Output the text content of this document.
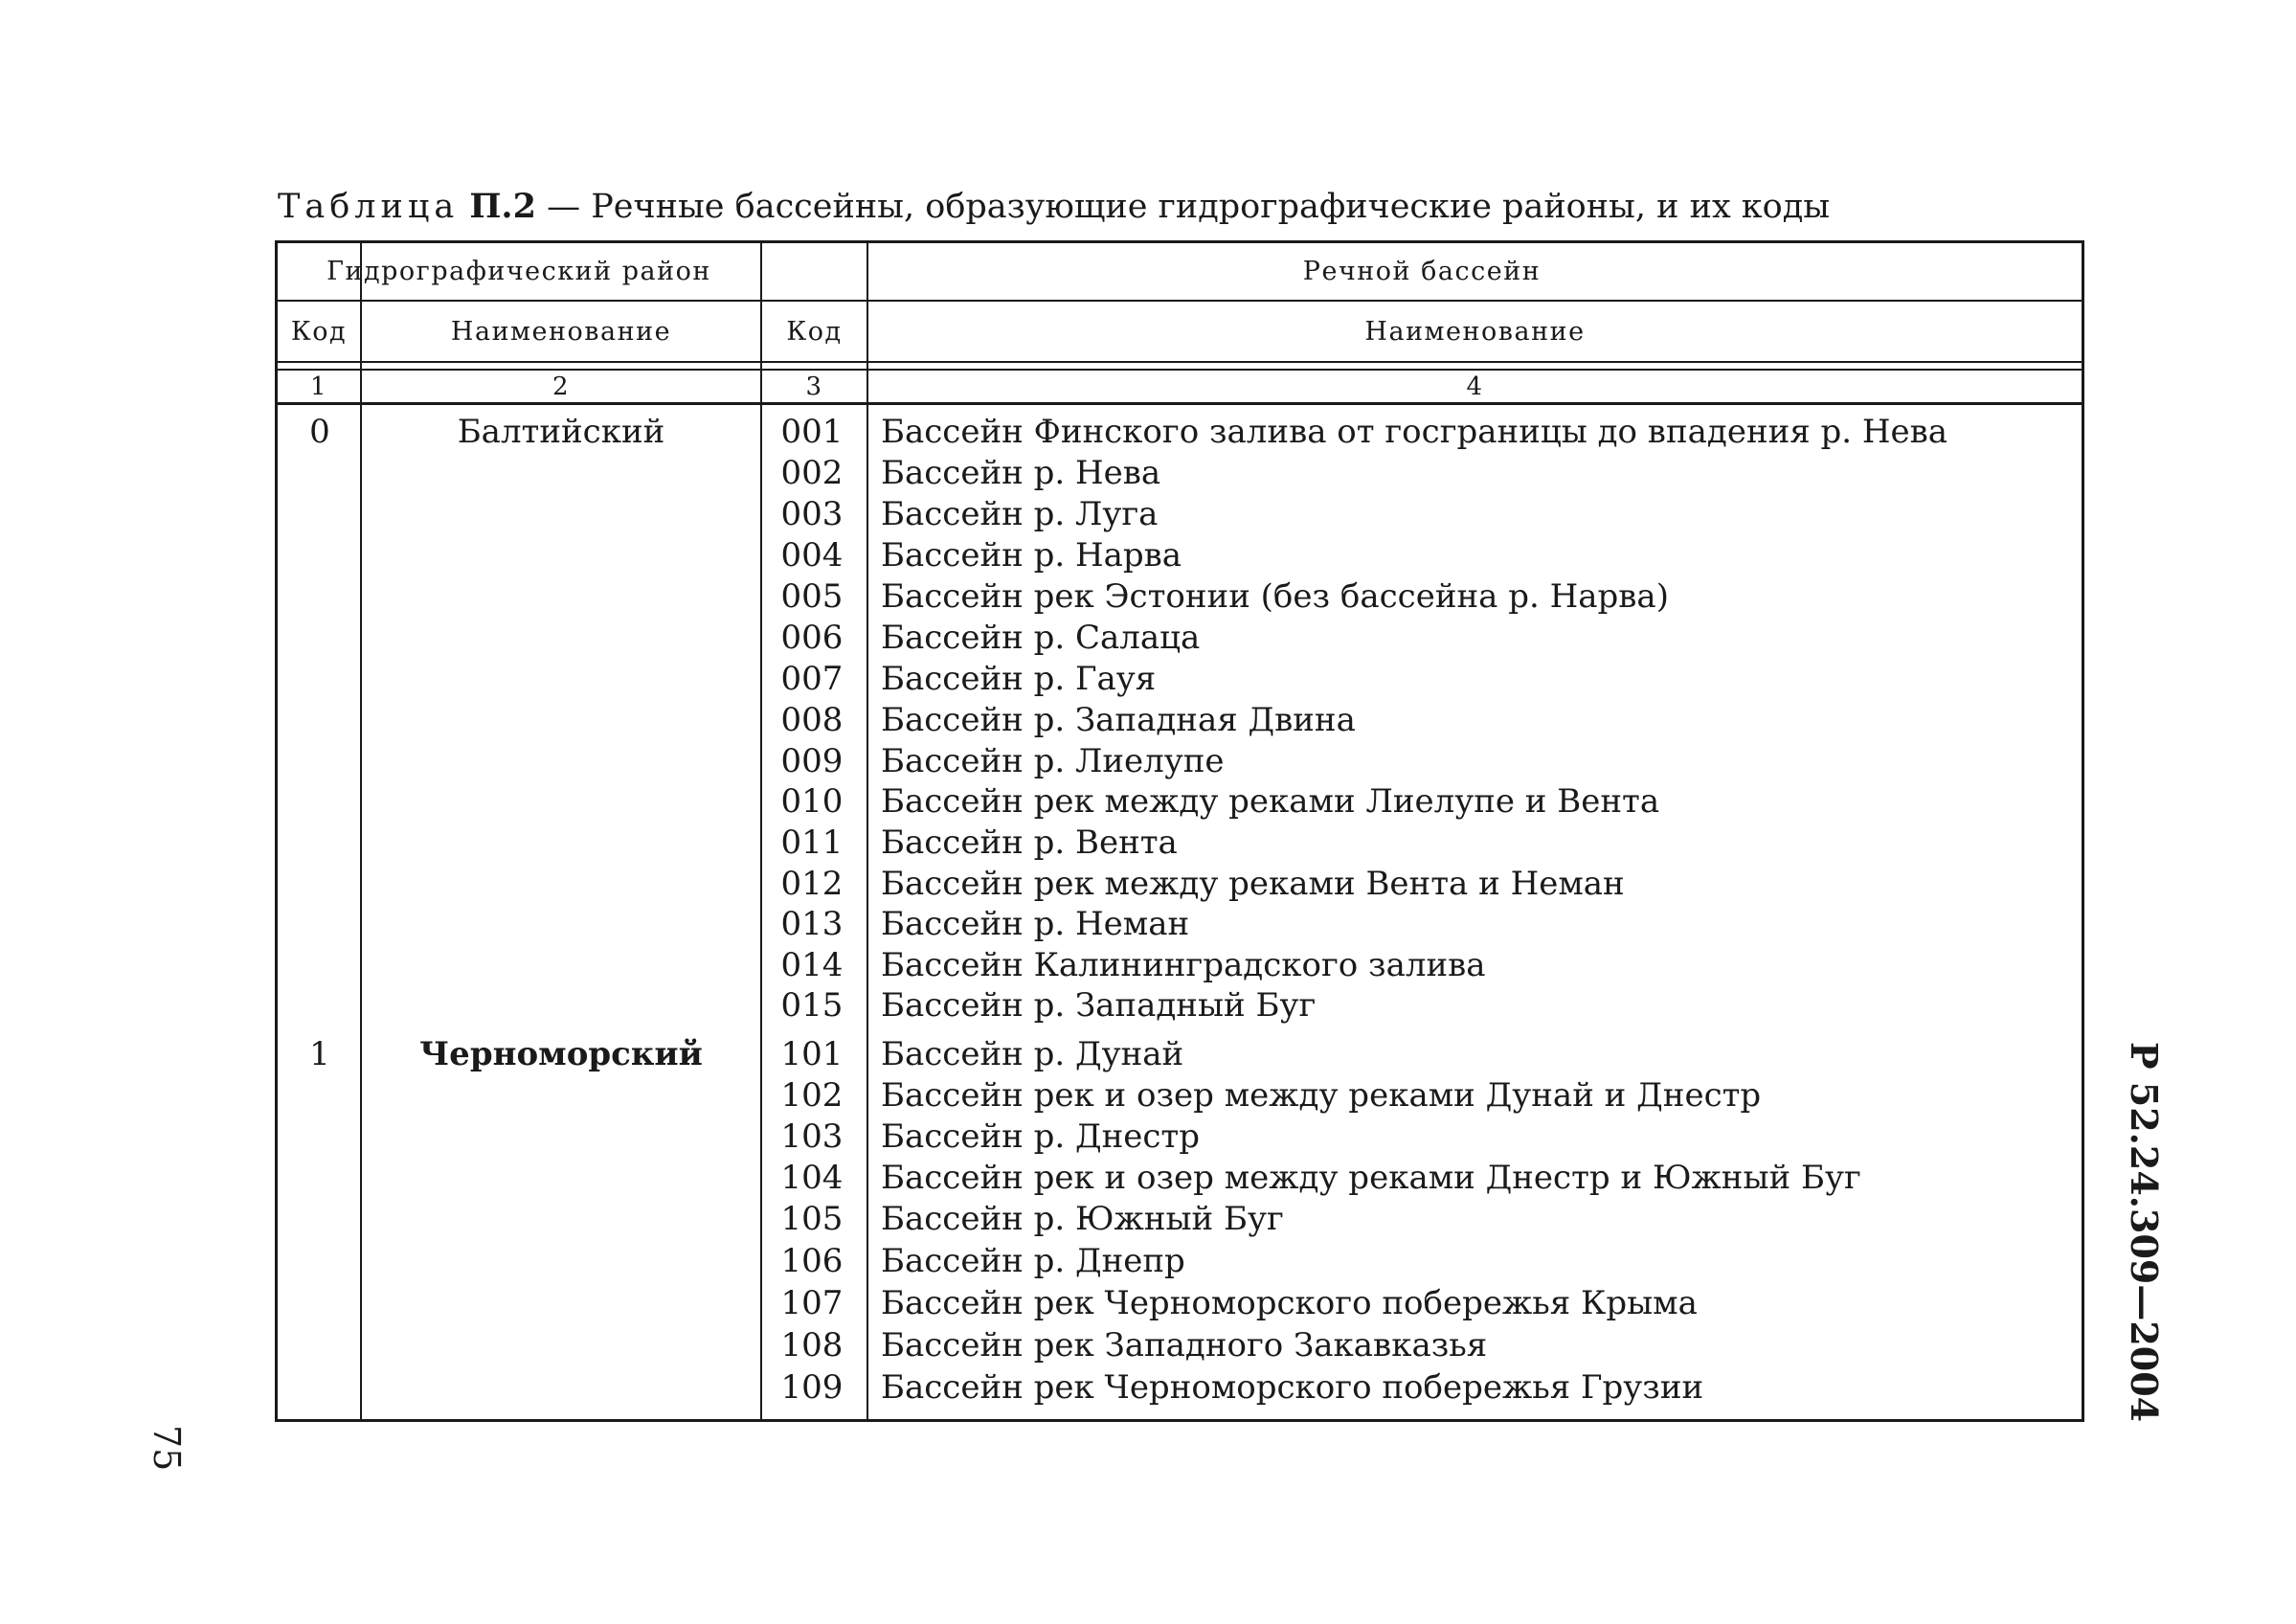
Таблица П.2 — Речные бассейны, образующие гидрографические районы, и их коды
Гидрографический район	Речной бассейн
Код	Наименование	Код	Наименование
1	2	3	4
0	Балтийский	001	Бассейн Финского залива от госграницы до впадения р. Нева
002	Бассейн р. Нева
003	Бассейн р. Луга
004	Бассейн р. Нарва
005	Бассейн рек Эстонии (без бассейна р. Нарва)
006	Бассейн р. Салаца
007	Бассейн р. Гауя
008	Бассейн р. Западная Двина
009	Бассейн р. Лиелупе
010	Бассейн рек между реками Лиелупе и Вента
011	Бассейн р. Вента
012	Бассейн рек между реками Вента и Неман
013	Бассейн р. Неман
014	Бассейн Калининградского залива
015	Бассейн р. Западный Буг
1	Черноморский	101	Бассейн р. Дунай
102	Бассейн рек и озер между реками Дунай и Днестр
103	Бассейн р. Днестр
104	Бассейн рек и озер между реками Днестр и Южный Буг
105	Бассейн р. Южный Буг
106	Бассейн р. Днепр
107	Бассейн рек Черноморского побережья Крыма
108	Бассейн рек Западного Закавказья
109	Бассейн рек Черноморского побережья Грузии	Р 52.24.309—2004
75
